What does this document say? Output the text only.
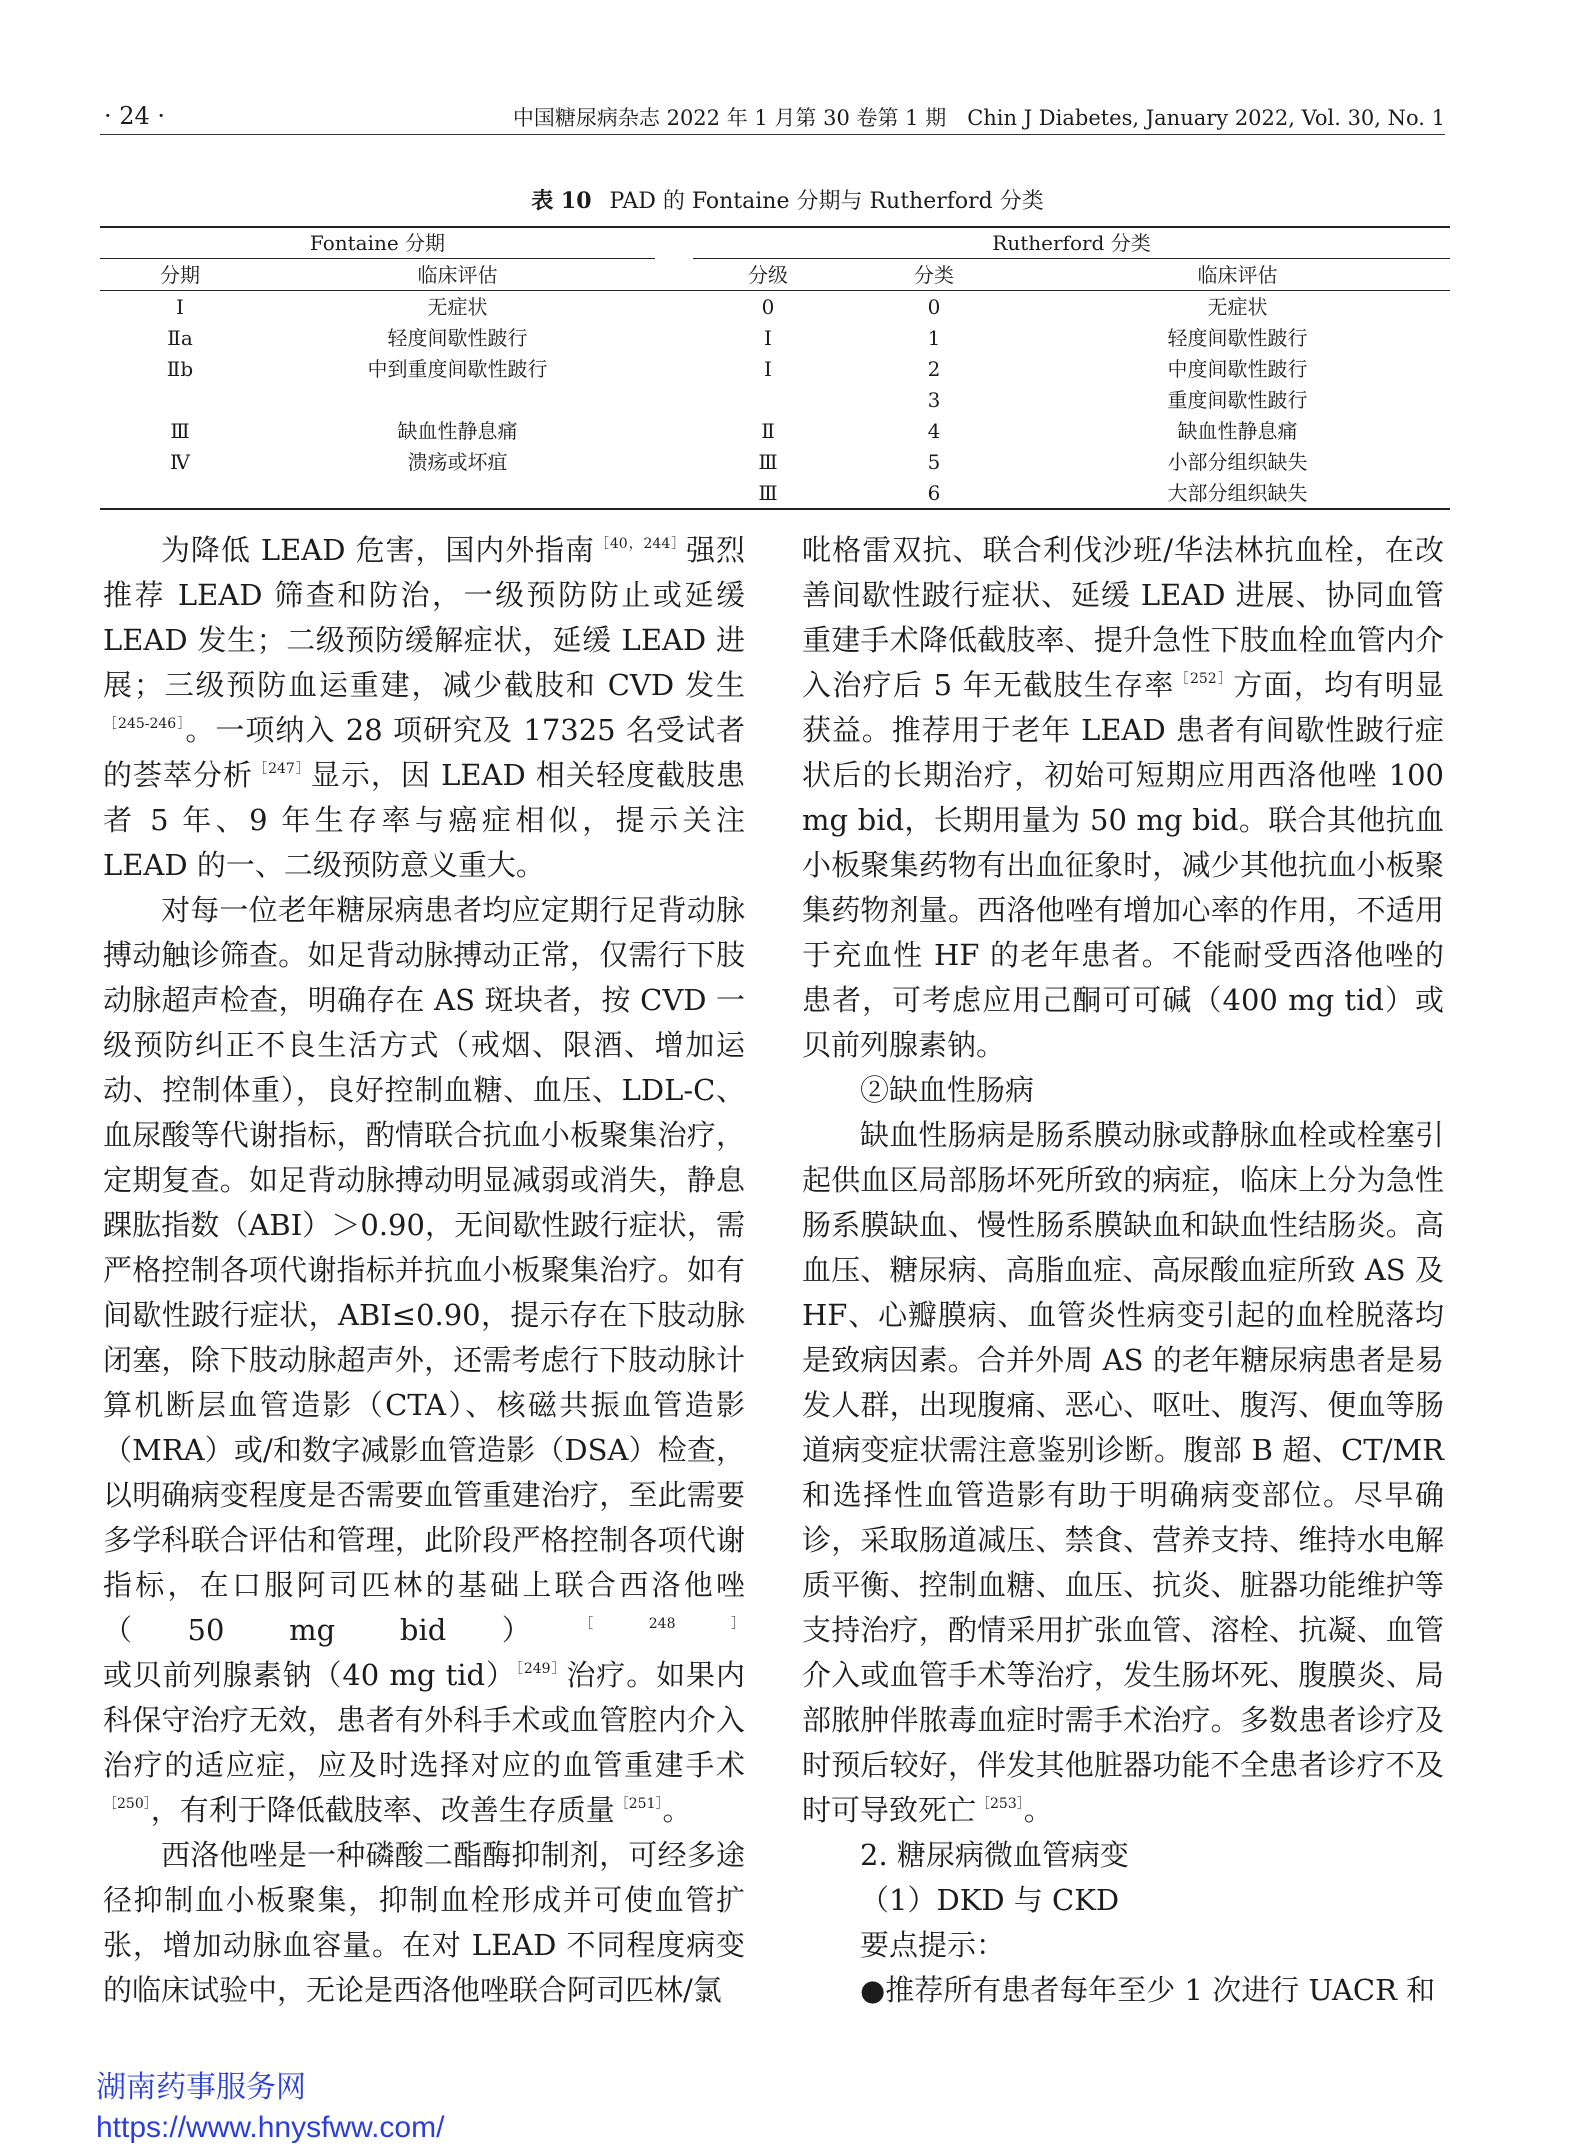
· 24 ·	中国糖尿病杂志 2022 年 1 月第 30 卷第 1 期　Chin J Diabetes, January 2022, Vol. 30, No. 1
表 10 PAD 的 Fontaine 分期与 Rutherford 分类
Fontaine 分期			Rutherford 分类		
分期	临床评估		分级	分类	临床评估
Ⅰ	无症状		0	0	无症状
Ⅱa	轻度间歇性跛行		Ⅰ	1	轻度间歇性跛行
Ⅱb	中到重度间歇性跛行		Ⅰ	2	中度间歇性跛行
				3	重度间歇性跛行
Ⅲ	缺血性静息痛		Ⅱ	4	缺血性静息痛
Ⅳ	溃疡或坏疽		Ⅲ	5	小部分组织缺失
			Ⅲ	6	大部分组织缺失

为降低 LEAD 危害，国内外指南$^{[40,244]}$强烈推荐 LEAD 筛查和防治，一级预防防止或延缓 LEAD 发生；二级预防缓解症状，延缓 LEAD 进展；三级预防血运重建，减少截肢和 CVD 发生$^{[245-246]}$。一项纳入 28 项研究及 17325 名受试者的荟萃分析$^{[247]}$显示，因 LEAD 相关轻度截肢患者 5 年、9 年生存率与癌症相似，提示关注 LEAD 的一、二级预防意义重大。

对每一位老年糖尿病患者均应定期行足背动脉搏动触诊筛查。如足背动脉搏动正常，仅需行下肢动脉超声检查，明确存在 AS 斑块者，按 CVD 一级预防纠正不良生活方式（戒烟、限酒、增加运动、控制体重），良好控制血糖、血压、LDL-C、血尿酸等代谢指标，酌情联合抗血小板聚集治疗，定期复查。如足背动脉搏动明显减弱或消失，静息踝肱指数（ABI）＞0.90，无间歇性跛行症状，需严格控制各项代谢指标并抗血小板聚集治疗。如有间歇性跛行症状，ABI≤0.90，提示存在下肢动脉闭塞，除下肢动脉超声外，还需考虑行下肢动脉计算机断层血管造影（CTA）、核磁共振血管造影（MRA）或/和数字减影血管造影（DSA）检查，以明确病变程度是否需要血管重建治疗，至此需要多学科联合评估和管理，此阶段严格控制各项代谢指标，在口服阿司匹林的基础上联合西洛他唑（50 mg bid）$^{[248]}$或贝前列腺素钠（40 mg tid）$^{[249]}$治疗。如果内科保守治疗无效，患者有外科手术或血管腔内介入治疗的适应症，应及时选择对应的血管重建手术$^{[250]}$，有利于降低截肢率、改善生存质量$^{[251]}$。

西洛他唑是一种磷酸二酯酶抑制剂，可经多途径抑制血小板聚集，抑制血栓形成并可使血管扩张，增加动脉血容量。在对 LEAD 不同程度病变的临床试验中，无论是西洛他唑联合阿司匹林/氯

吡格雷双抗、联合利伐沙班/华法林抗血栓，在改善间歇性跛行症状、延缓 LEAD 进展、协同血管重建手术降低截肢率、提升急性下肢血栓血管内介入治疗后 5 年无截肢生存率$^{[252]}$方面，均有明显获益。推荐用于老年 LEAD 患者有间歇性跛行症状后的长期治疗，初始可短期应用西洛他唑 100 mg bid，长期用量为 50 mg bid。联合其他抗血小板聚集药物有出血征象时，减少其他抗血小板聚集药物剂量。西洛他唑有增加心率的作用，不适用于充血性 HF 的老年患者。不能耐受西洛他唑的患者，可考虑应用己酮可可碱（400 mg tid）或贝前列腺素钠。

②缺血性肠病

缺血性肠病是肠系膜动脉或静脉血栓或栓塞引起供血区局部肠坏死所致的病症，临床上分为急性肠系膜缺血、慢性肠系膜缺血和缺血性结肠炎。高血压、糖尿病、高脂血症、高尿酸血症所致 AS 及 HF、心瓣膜病、血管炎性病变引起的血栓脱落均是致病因素。合并外周 AS 的老年糖尿病患者是易发人群，出现腹痛、恶心、呕吐、腹泻、便血等肠道病变症状需注意鉴别诊断。腹部 B 超、CT/MR 和选择性血管造影有助于明确病变部位。尽早确诊，采取肠道减压、禁食、营养支持、维持水电解质平衡、控制血糖、血压、抗炎、脏器功能维护等支持治疗，酌情采用扩张血管、溶栓、抗凝、血管介入或血管手术等治疗，发生肠坏死、腹膜炎、局部脓肿伴脓毒血症时需手术治疗。多数患者诊疗及时预后较好，伴发其他脏器功能不全患者诊疗不及时可导致死亡$^{[253]}$。

2. 糖尿病微血管病变

（1）DKD 与 CKD

要点提示：

●推荐所有患者每年至少 1 次进行 UACR 和

湖南药事服务网
https://www.hnysfww.com/
